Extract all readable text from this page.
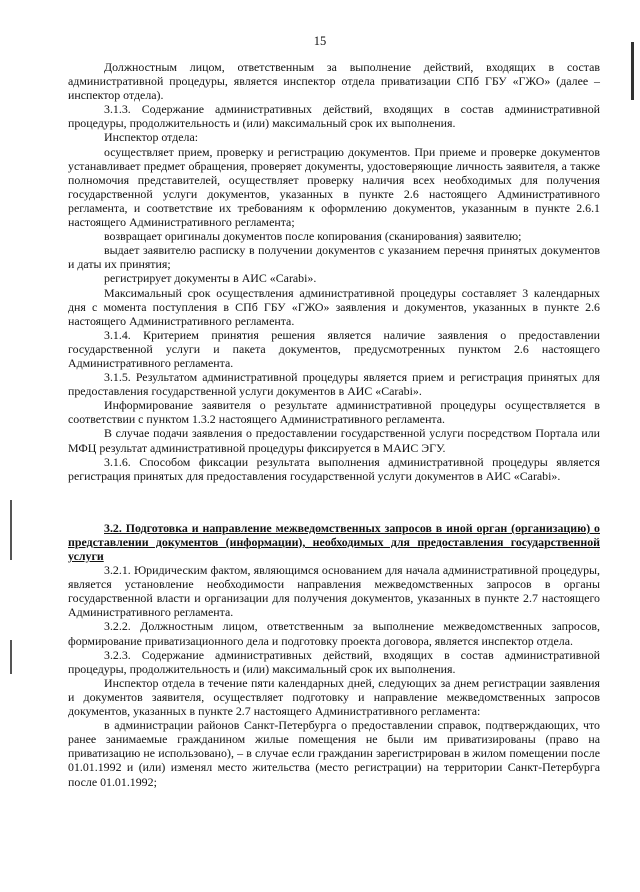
15

Должностным лицом, ответственным за выполнение действий, входящих в состав административной процедуры, является инспектор отдела приватизации СПб ГБУ «ГЖО» (далее – инспектор отдела).

3.1.3. Содержание административных действий, входящих в состав административной процедуры, продолжительность и (или) максимальный срок их выполнения.

Инспектор отдела:

осуществляет прием, проверку и регистрацию документов. При приеме и проверке документов устанавливает предмет обращения, проверяет документы, удостоверяющие личность заявителя, а также полномочия представителей, осуществляет проверку наличия всех необходимых для получения государственной услуги документов, указанных в пункте 2.6 настоящего Административного регламента, и соответствие их требованиям к оформлению документов, указанным в пункте 2.6.1 настоящего Административного регламента;

возвращает оригиналы документов после копирования (сканирования) заявителю;

выдает заявителю расписку в получении документов с указанием перечня принятых документов и даты их принятия;

регистрирует документы в АИС «Carabi».

Максимальный срок осуществления административной процедуры составляет 3 календарных дня с момента поступления в СПб ГБУ «ГЖО» заявления и документов, указанных в пункте 2.6 настоящего Административного регламента.

3.1.4. Критерием принятия решения является наличие заявления о предоставлении государственной услуги и пакета документов, предусмотренных пунктом 2.6 настоящего Административного регламента.

3.1.5. Результатом административной процедуры является прием и регистрация принятых для предоставления государственной услуги документов в АИС «Carabi».

Информирование заявителя о результате административной процедуры осуществляется в соответствии с пунктом 1.3.2 настоящего Административного регламента.

В случае подачи заявления о предоставлении государственной услуги посредством Портала или МФЦ результат административной процедуры фиксируется в МАИС ЭГУ.

3.1.6. Способом фиксации результата выполнения административной процедуры является регистрация принятых для предоставления государственной услуги документов в АИС «Carabi».

3.2. Подготовка и направление межведомственных запросов в иной орган (организацию) о представлении документов (информации), необходимых для предоставления государственной услуги

3.2.1. Юридическим фактом, являющимся основанием для начала административной процедуры, является установление необходимости направления межведомственных запросов в органы государственной власти и организации для получения документов, указанных в пункте 2.7 настоящего Административного регламента.

3.2.2. Должностным лицом, ответственным за выполнение межведомственных запросов, формирование приватизационного дела и подготовку проекта договора, является инспектор отдела.

3.2.3. Содержание административных действий, входящих в состав административной процедуры, продолжительность и (или) максимальный срок их выполнения.

Инспектор отдела в течение пяти календарных дней, следующих за днем регистрации заявления и документов заявителя, осуществляет подготовку и направление межведомственных запросов документов, указанных в пункте 2.7 настоящего Административного регламента:

в администрации районов Санкт-Петербурга о предоставлении справок, подтверждающих, что ранее занимаемые гражданином жилые помещения не были им приватизированы (право на приватизацию не использовано), – в случае если гражданин зарегистрирован в жилом помещении после 01.01.1992 и (или) изменял место жительства (место регистрации) на территории Санкт-Петербурга после 01.01.1992;
